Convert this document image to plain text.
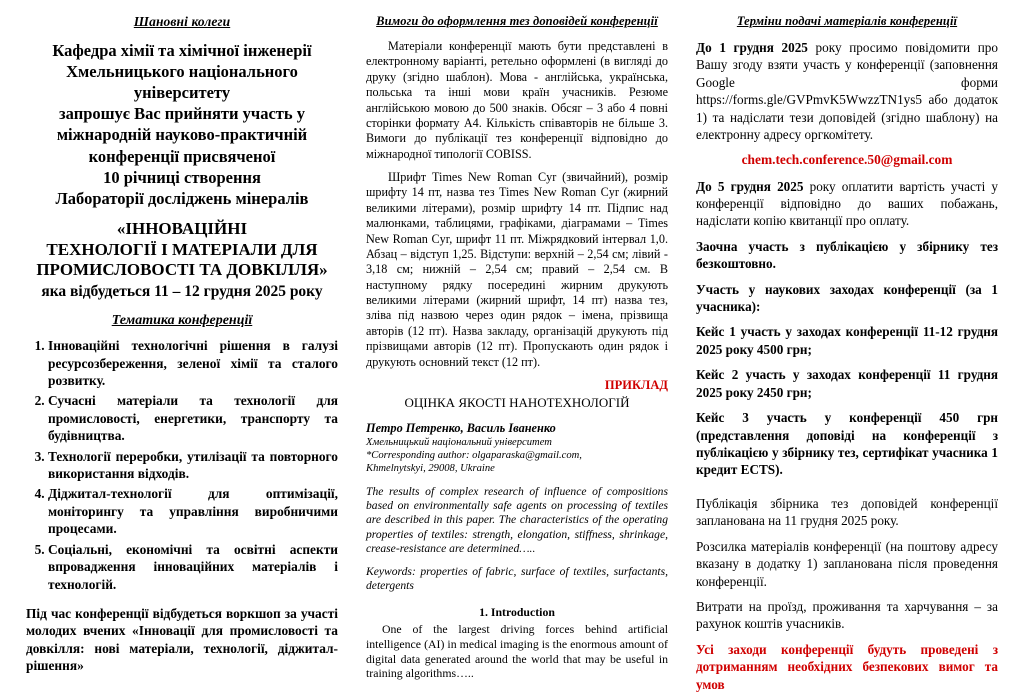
Шановні колеги
Кафедра хімії та хімічної інженерії
Хмельницького національного університету
запрошує Вас прийняти участь у
міжнародній науково-практичній
конференції присвяченої
10 річниці створення
Лабораторії досліджень мінералів
«ІННОВАЦІЙНІ
ТЕХНОЛОГІЇ І МАТЕРІАЛИ ДЛЯ
ПРОМИСЛОВОСТІ ТА ДОВКІЛЛЯ»
яка відбудеться 11 – 12 грудня 2025 року
Тематика конференції
1. Інноваційні технологічні рішення в галузі ресурсозбереження, зеленої хімії та сталого розвитку.
2. Сучасні матеріали та технології для промисловості, енергетики, транспорту та будівництва.
3. Технології переробки, утилізації та повторного використання відходів.
4. Діджитал-технології для оптимізації, моніторингу та управління виробничими процесами.
5. Соціальні, економічні та освітні аспекти впровадження інноваційних матеріалів і технологій.
Під час конференції відбудеться воркшоп за участі молодих вчених «Інновації для промисловості та довкілля: нові матеріали, технології, діджитал-рішення»
Вимоги до оформлення тез доповідей конференції
Матеріали конференції мають бути представлені в електронному варіанті, ретельно оформлені (в вигляді до друку (згідно шаблон). Мова - англійська, українська, польська та інші мови країн учасників. Резюме англійською мовою до 500 знаків. Обсяг – 3 або 4 повні сторінки формату А4. Кількість співавторів не більше 3. Вимоги до публікації тез конференції відповідно до міжнародної типології COBISS.
Шрифт Times New Roman Cyr (звичайний), розмір шрифту 14 пт, назва тез Times New Roman Cyr (жирний великими літерами), розмір шрифту 14 пт. Підпис над малюнками, таблицями, графіками, діаграмами – Times New Roman Cyr, шрифт 11 пт. Міжрядковий інтервал 1,0. Абзац – відступ 1,25. Відступи: верхній – 2,54 см; лівий - 3,18 см; нижній – 2,54 см; правий – 2,54 см. В наступному рядку посередині жирним друкують великими літерами (жирний шрифт, 14 пт) назва тез, зліва під назвою через один рядок – імена, прізвища авторів (12 пт). Назва закладу, організацій друкують під прізвищами авторів (12 пт). Пропускають один рядок і друкують основний текст (12 пт).
ПРИКЛАД
ОЦІНКА ЯКОСТІ НАНОТЕХНОЛОГІЙ
Петро Петренко, Василь Іваненко
Хмельницький національний університет
*Corresponding author: olgaparaska@gmail.com,
Khmelnytskyi, 29008, Ukraine
The results of complex research of influence of compositions based on environmentally safe agents on processing of textiles are described in this paper. The characteristics of the operating properties of textiles: strength, elongation, stiffness, shrinkage, crease-resistance are determined…..
Keywords: properties of fabric, surface of textiles, surfactants, detergents
1. Introduction
One of the largest driving forces behind artificial intelligence (AI) in medical imaging is the enormous amount of digital data generated around the world that may be useful in training algorithms…..
Терміни подачі матеріалів конференції
До 1 грудня 2025 року просимо повідомити про Вашу згоду взяти участь у конференції (заповнення Google форми https://forms.gle/GVPmvK5WwzzTN1ys5 або додаток 1) та надіслати тези доповідей (згідно шаблону) на електронну адресу оргкомітету.
chem.tech.conference.50@gmail.com
До 5 грудня 2025 року оплатити вартість участі у конференції відповідно до ваших побажань, надіслати копію квитанції про оплату.
Заочна участь з публікацією у збірнику тез безкоштовно.
Участь у наукових заходах конференції (за 1 учасника):
Кейс 1 участь у заходах конференції 11-12 грудня 2025 року 4500 грн;
Кейс 2 участь у заходах конференції 11 грудня 2025 року 2450 грн;
Кейс 3 участь у конференції 450 грн (представлення доповіді на конференції з публікацією у збірнику тез, сертифікат учасника 1 кредит ECTS).
Публікація збірника тез доповідей конференції запланована на 11 грудня 2025 року.
Розсилка матеріалів конференції (на поштову адресу вказану в додатку 1) запланована після проведення конференції.
Витрати на проїзд, проживання та харчування – за рахунок коштів учасників.
Усі заходи конференції будуть проведені з дотриманням необхідних безпекових вимог та умов
